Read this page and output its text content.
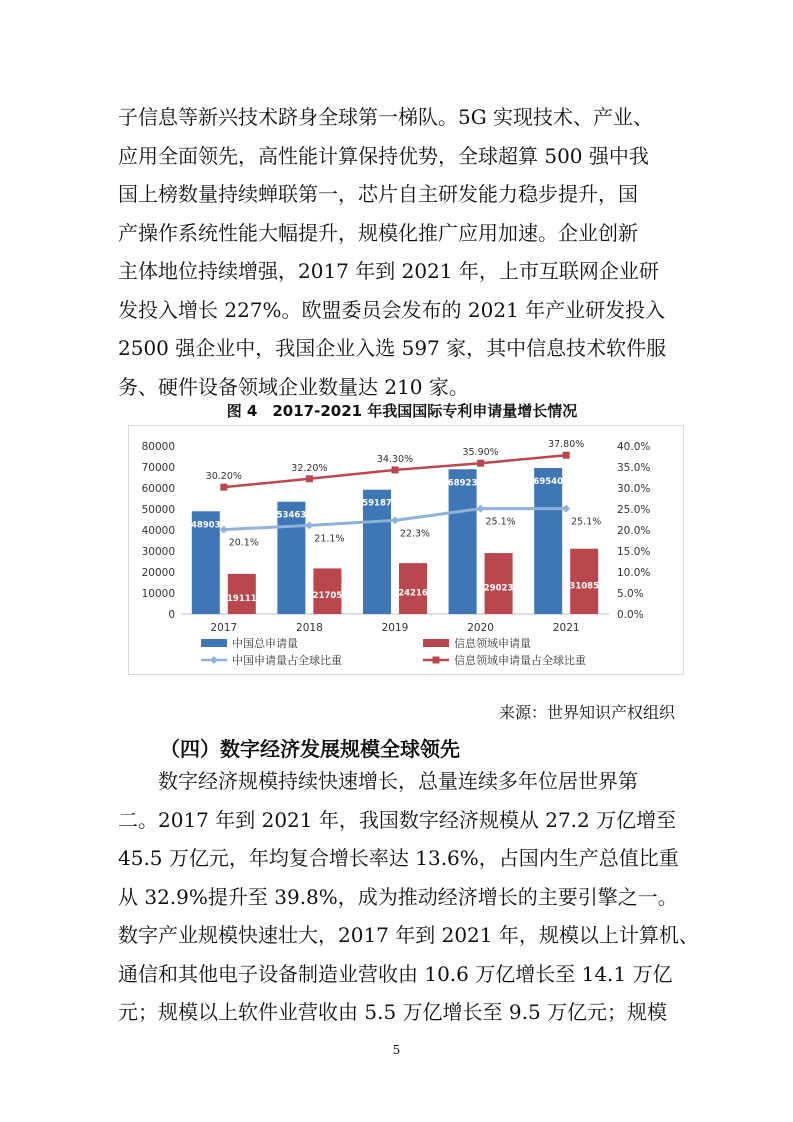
子信息等新兴技术跻身全球第一梯队。5G 实现技术、产业、
应用全面领先，高性能计算保持优势，全球超算 500 强中我
国上榜数量持续蝉联第一，芯片自主研发能力稳步提升，国
产操作系统性能大幅提升，规模化推广应用加速。企业创新
主体地位持续增强，2017 年到 2021 年，上市互联网企业研
发投入增长 227%。欧盟委员会发布的 2021 年产业研发投入
2500 强企业中，我国企业入选 597 家，其中信息技术软件服
务、硬件设备领域企业数量达 210 家。
图 4　2017-2021 年我国国际专利申请量增长情况
0
10000
20000
30000
40000
50000
60000
70000
80000
0.0%
5.0%
10.0%
15.0%
20.0%
25.0%
30.0%
35.0%
40.0%
48903
19111
2017
53463
21705
2018
59187
24216
2019
68923
29023
2020
69540
31085
2021
20.1%	21.1%	22.3%
25.1%	25.1%
30.20%
32.20%
34.30%
35.90%
37.80%
中国总申请量	信息领域申请量
中国申请量占全球比重	信息领域申请量占全球比重
来源：世界知识产权组织
（四）数字经济发展规模全球领先
数字经济规模持续快速增长，总量连续多年位居世界第
二。2017 年到 2021 年，我国数字经济规模从 27.2 万亿增至
45.5 万亿元，年均复合增长率达 13.6%，占国内生产总值比重
从 32.9%提升至 39.8%，成为推动经济增长的主要引擎之一。
数字产业规模快速壮大，2017 年到 2021 年，规模以上计算机、
通信和其他电子设备制造业营收由 10.6 万亿增长至 14.1 万亿
元；规模以上软件业营收由 5.5 万亿增长至 9.5 万亿元；规模
5
